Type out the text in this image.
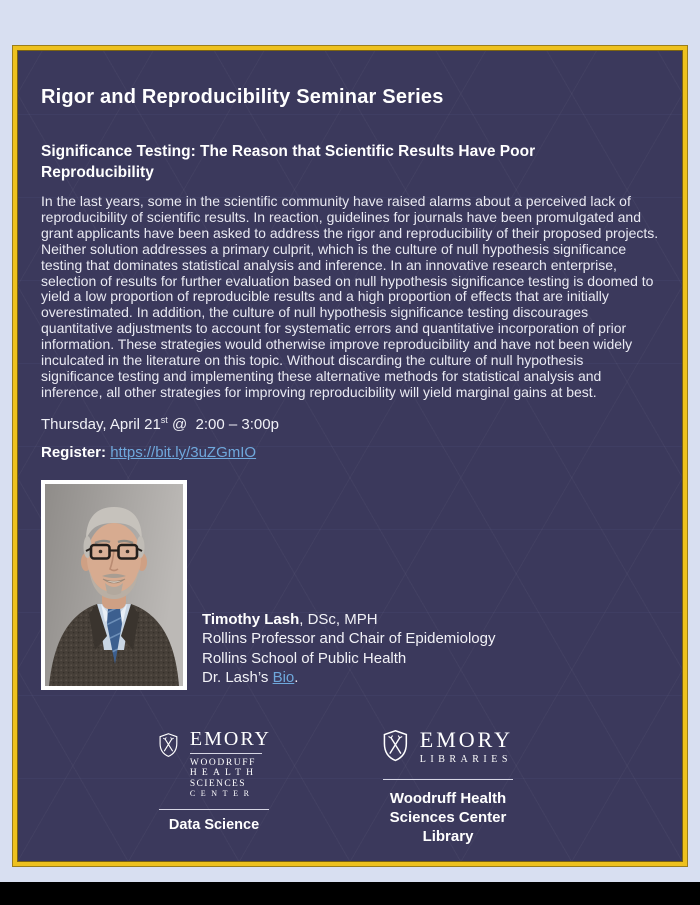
Rigor and Reproducibility Seminar Series
Significance Testing: The Reason that Scientific Results Have Poor Reproducibility

In the last years, some in the scientific community have raised alarms about a perceived lack of reproducibility of scientific results. In reaction, guidelines for journals have been promulgated and grant applicants have been asked to address the rigor and reproducibility of their proposed projects. Neither solution addresses a primary culprit, which is the culture of null hypothesis significance testing that dominates statistical analysis and inference. In an innovative research enterprise, selection of results for further evaluation based on null hypothesis significance testing is doomed to yield a low proportion of reproducible results and a high proportion of effects that are initially overestimated. In addition, the culture of null hypothesis significance testing discourages quantitative adjustments to account for systematic errors and quantitative incorporation of prior information. These strategies would otherwise improve reproducibility and have not been widely inculcated in the literature on this topic. Without discarding the culture of null hypothesis significance testing and implementing these alternative methods for statistical analysis and inference, all other strategies for improving reproducibility will yield marginal gains at best.

Thursday, April 21st @  2:00 – 3:00p

Register: https://bit.ly/3uZGmIO

Timothy Lash, DSc, MPH
Rollins Professor and Chair of Epidemiology
Rollins School of Public Health
Dr. Lash’s Bio.
EMORY
WOODRUFF
HEALTH
SCIENCES
CENTER
Data Science
EMORY
LIBRARIES
Woodruff Health
Sciences Center
Library
